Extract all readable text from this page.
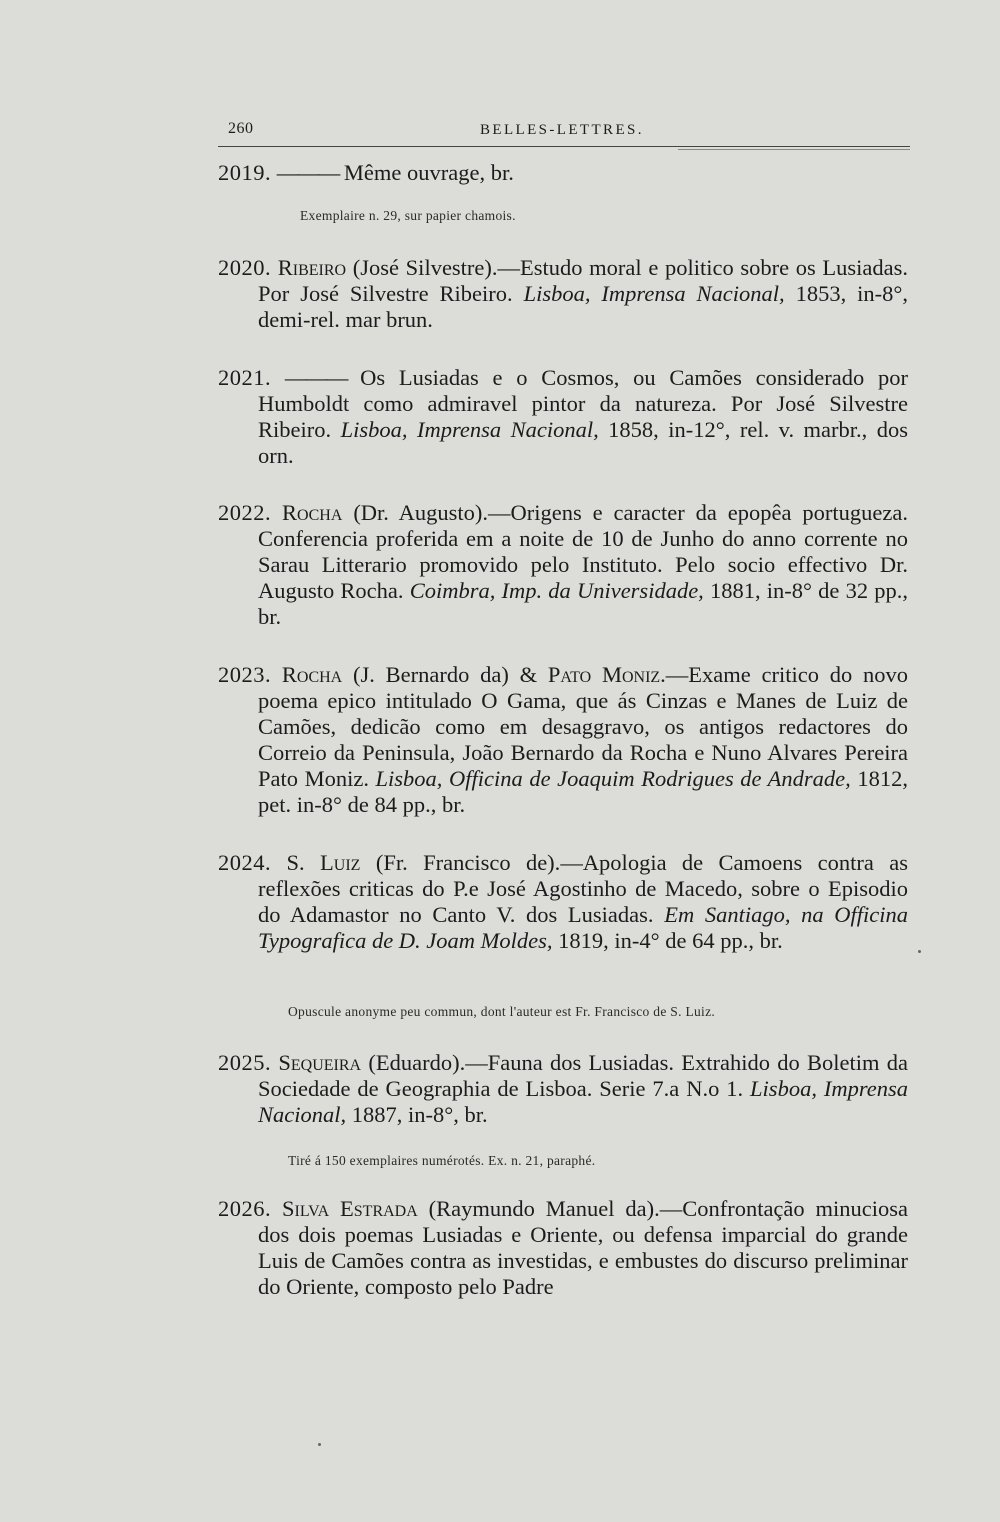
260	BELLES-LETTRES.
2019. ——— Même ouvrage, br.
Exemplaire n. 29, sur papier chamois.
2020. Ribeiro (José Silvestre).—Estudo moral e politico sobre os Lusiadas. Por José Silvestre Ribeiro. Lisboa, Imprensa Nacional, 1853, in-8°, demi-rel. mar brun.
2021. ——— Os Lusiadas e o Cosmos, ou Camões considerado por Humboldt como admiravel pintor da natureza. Por José Silvestre Ribeiro. Lisboa, Imprensa Nacional, 1858, in-12°, rel. v. marbr., dos orn.
2022. Rocha (Dr. Augusto).—Origens e caracter da epopêa portugueza. Conferencia proferida em a noite de 10 de Junho do anno corrente no Sarau Litterario promovido pelo Instituto. Pelo socio effectivo Dr. Augusto Rocha. Coimbra, Imp. da Universidade, 1881, in-8° de 32 pp., br.
2023. Rocha (J. Bernardo da) & Pato Moniz.—Exame critico do novo poema epico intitulado O Gama, que ás Cinzas e Manes de Luiz de Camões, dedicão como em desaggravo, os antigos redactores do Correio da Peninsula, João Bernardo da Rocha e Nuno Alvares Pereira Pato Moniz. Lisboa, Officina de Joaquim Rodrigues de Andrade, 1812, pet. in-8° de 84 pp., br.
2024. S. Luiz (Fr. Francisco de).—Apologia de Camoens contra as reflexões criticas do P.e José Agostinho de Macedo, sobre o Episodio do Adamastor no Canto V. dos Lusiadas. Em Santiago, na Officina Typografica de D. Joam Moldes, 1819, in-4° de 64 pp., br.
Opuscule anonyme peu commun, dont l'auteur est Fr. Francisco de S. Luiz.
2025. Sequeira (Eduardo).—Fauna dos Lusiadas. Extrahido do Boletim da Sociedade de Geographia de Lisboa. Serie 7.a N.o 1. Lisboa, Imprensa Nacional, 1887, in-8°, br.
Tiré á 150 exemplaires numérotés. Ex. n. 21, paraphé.
2026. Silva Estrada (Raymundo Manuel da).—Confrontação minuciosa dos dois poemas Lusiadas e Oriente, ou defensa imparcial do grande Luis de Camões contra as investidas, e embustes do discurso preliminar do Oriente, composto pelo Padre
